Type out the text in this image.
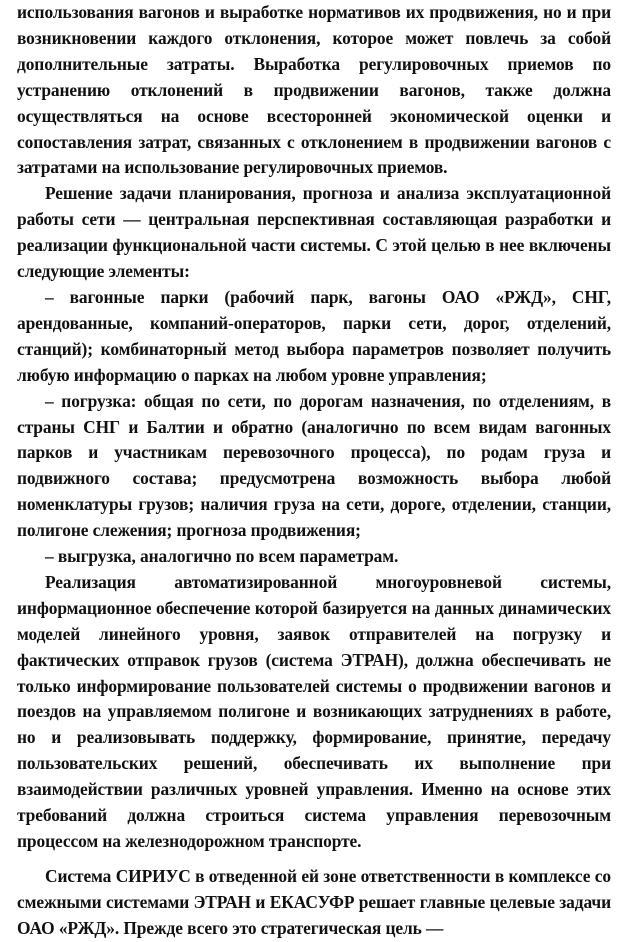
использования вагонов и выработке нормативов их продвижения, но и при возникновении каждого отклонения, которое может повлечь за собой дополнительные затраты. Выработка регулировочных приемов по устранению отклонений в продвижении вагонов, также должна осуществляться на основе всесторонней экономической оценки и сопоставления затрат, связанных с отклонением в продвижении вагонов с затратами на использование регулировочных приемов.

Решение задачи планирования, прогноза и анализа эксплуатационной работы сети — центральная перспективная составляющая разработки и реализации функциональной части системы. С этой целью в нее включены следующие элементы:

– вагонные парки (рабочий парк, вагоны ОАО «РЖД», СНГ, арендованные, компаний-операторов, парки сети, дорог, отделений, станций); комбинаторный метод выбора параметров позволяет получить любую информацию о парках на любом уровне управления;

– погрузка: общая по сети, по дорогам назначения, по отделениям, в страны СНГ и Балтии и обратно (аналогично по всем видам вагонных парков и участникам перевозочного процесса), по родам груза и подвижного состава; предусмотрена возможность выбора любой номенклатуры грузов; наличия груза на сети, дороге, отделении, станции, полигоне слежения; прогноза продвижения;

– выгрузка, аналогично по всем параметрам.

Реализация автоматизированной многоуровневой системы, информационное обеспечение которой базируется на данных динамических моделей линейного уровня, заявок отправителей на погрузку и фактических отправок грузов (система ЭТРАН), должна обеспечивать не только информирование пользователей системы о продвижении вагонов и поездов на управляемом полигоне и возникающих затруднениях в работе, но и реализовывать поддержку, формирование, принятие, передачу пользовательских решений, обеспечивать их выполнение при взаимодействии различных уровней управления. Именно на основе этих требований должна строиться система управления перевозочным процессом на железнодорожном транспорте.

Система СИРИУС в отведенной ей зоне ответственности в комплексе со смежными системами ЭТРАН и ЕКАСУФР решает главные целевые задачи ОАО «РЖД». Прежде всего это стратегическая цель —
